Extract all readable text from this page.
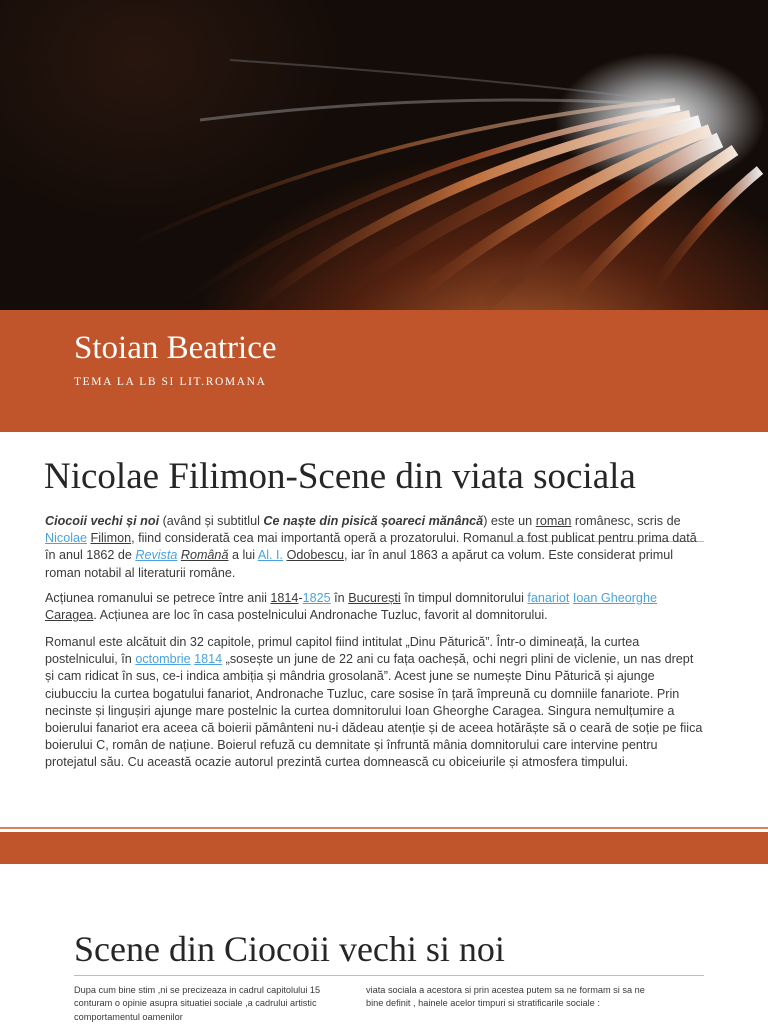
Stoian Beatrice
TEMA LA LB SI LIT.ROMANA
Nicolae Filimon-Scene din viata sociala

Ciocoii vechi și noi (având și subtitlul Ce naște din pisică șoareci mănâncă) este un roman românesc, scris de Nicolae Filimon, fiind considerată cea mai importantă operă a prozatorului. Romanul a fost publicat pentru prima dată în anul 1862 de Revista Română a lui Al. I. Odobescu, iar în anul 1863 a apărut ca volum. Este considerat primul roman notabil al literaturii române.

Acțiunea romanului se petrece între anii 1814-1825 în București în timpul domnitorului fanariot Ioan Gheorghe Caragea. Acțiunea are loc în casa postelnicului Andronache Tuzluc, favorit al domnitorului.

Romanul este alcătuit din 32 capitole, primul capitol fiind intitulat „Dinu Păturică”. Într-o dimineață, la curtea postelnicului, în octombrie 1814 „sosește un june de 22 ani cu fața oacheșă, ochi negri plini de viclenie, un nas drept și cam ridicat în sus, ce-i indica ambiția și mândria grosolană”. Acest june se numește Dinu Păturică și ajunge ciubucciu la curtea bogatului fanariot, Andronache Tuzluc, care sosise în țară împreună cu domniile fanariote. Prin necinste și lingușiri ajunge mare postelnic la curtea domnitorului Ioan Gheorghe Caragea. Singura nemulțumire a boierului fanariot era aceea că boierii pământeni nu-i dădeau atenție și de aceea hotărăște să o ceară de soție pe fiica boierului C, român de națiune. Boierul refuză cu demnitate și înfruntă mânia domnitorului care intervine pentru protejatul său. Cu această ocazie autorul prezintă curtea domnească cu obiceiurile și atmosfera timpului.

Scene din Ciocoii vechi si noi

Dupa cum bine stim ,ni se precizeaza in cadrul capitolului 15 conturam o opinie asupra situatiei sociale ,a cadrului artistic comportamentul oamenilor

viata sociala a acestora si prin acestea putem sa ne formam si sa ne bine definit , hainele acelor timpuri si stratificarile sociale :
